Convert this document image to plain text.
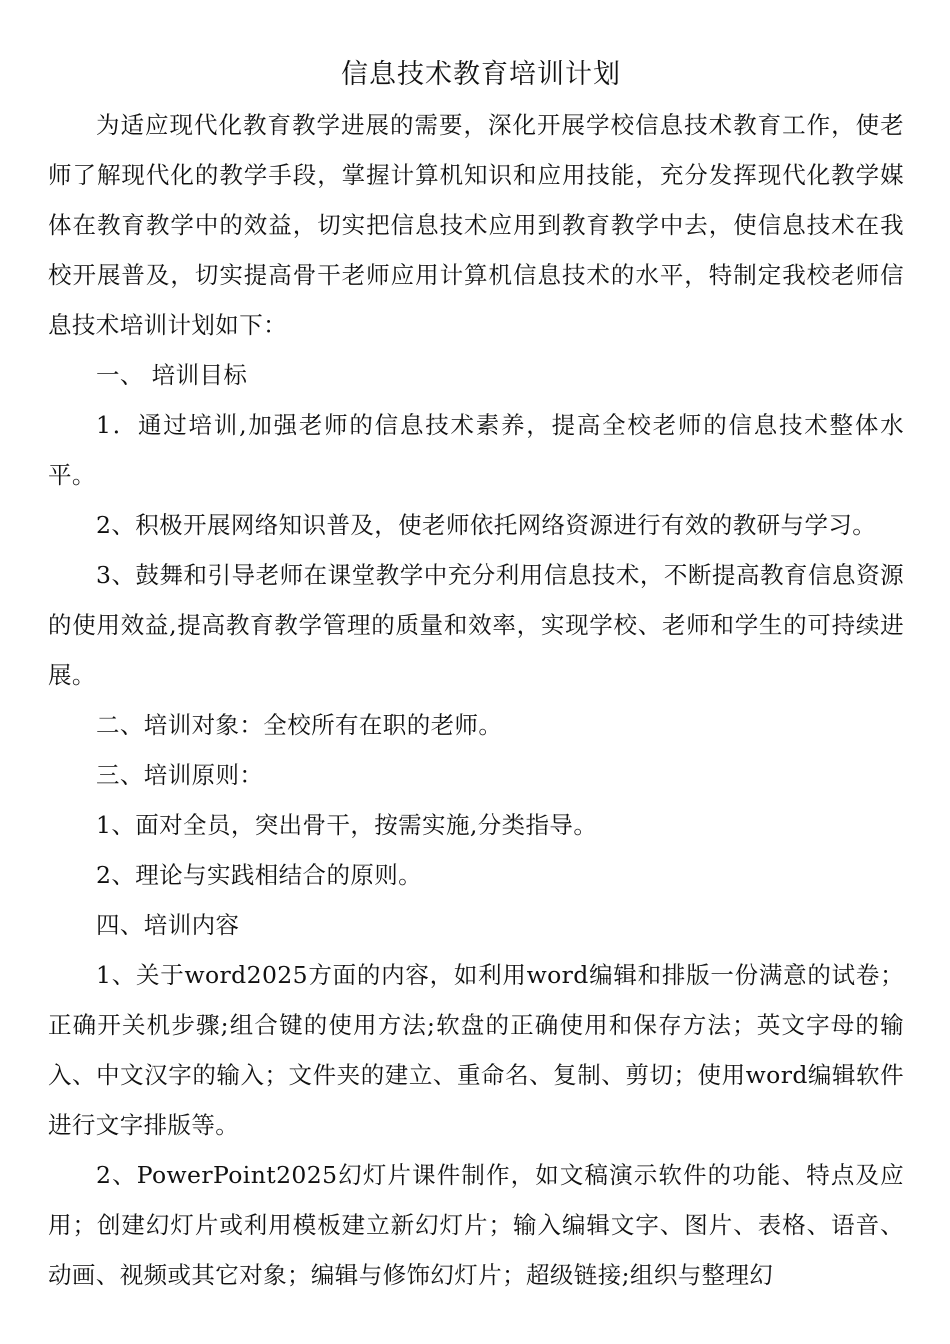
信息技术教育培训计划

为适应现代化教育教学进展的需要，深化开展学校信息技术教育工作，使老师了解现代化的教学手段，掌握计算机知识和应用技能，充分发挥现代化教学媒体在教育教学中的效益，切实把信息技术应用到教育教学中去，使信息技术在我校开展普及，切实提高骨干老师应用计算机信息技术的水平，特制定我校老师信息技术培训计划如下：

一、 培训目标

1．通过培训,加强老师的信息技术素养，提高全校老师的信息技术整体水平。

2、积极开展网络知识普及，使老师依托网络资源进行有效的教研与学习。

3、鼓舞和引导老师在课堂教学中充分利用信息技术，不断提高教育信息资源的使用效益,提高教育教学管理的质量和效率，实现学校、老师和学生的可持续进展。

二、培训对象：全校所有在职的老师。

三、培训原则：

1、面对全员，突出骨干，按需实施,分类指导。

2、理论与实践相结合的原则。

四、培训内容

1、关于word2025方面的内容，如利用word编辑和排版一份满意的试卷；正确开关机步骤;组合键的使用方法;软盘的正确使用和保存方法；英文字母的输入、中文汉字的输入；文件夹的建立、重命名、复制、剪切；使用word编辑软件进行文字排版等。

2、PowerPoint2025幻灯片课件制作，如文稿演示软件的功能、特点及应用；创建幻灯片或利用模板建立新幻灯片；输入编辑文字、图片、表格、语音、动画、视频或其它对象；编辑与修饰幻灯片；超级链接;组织与整理幻
